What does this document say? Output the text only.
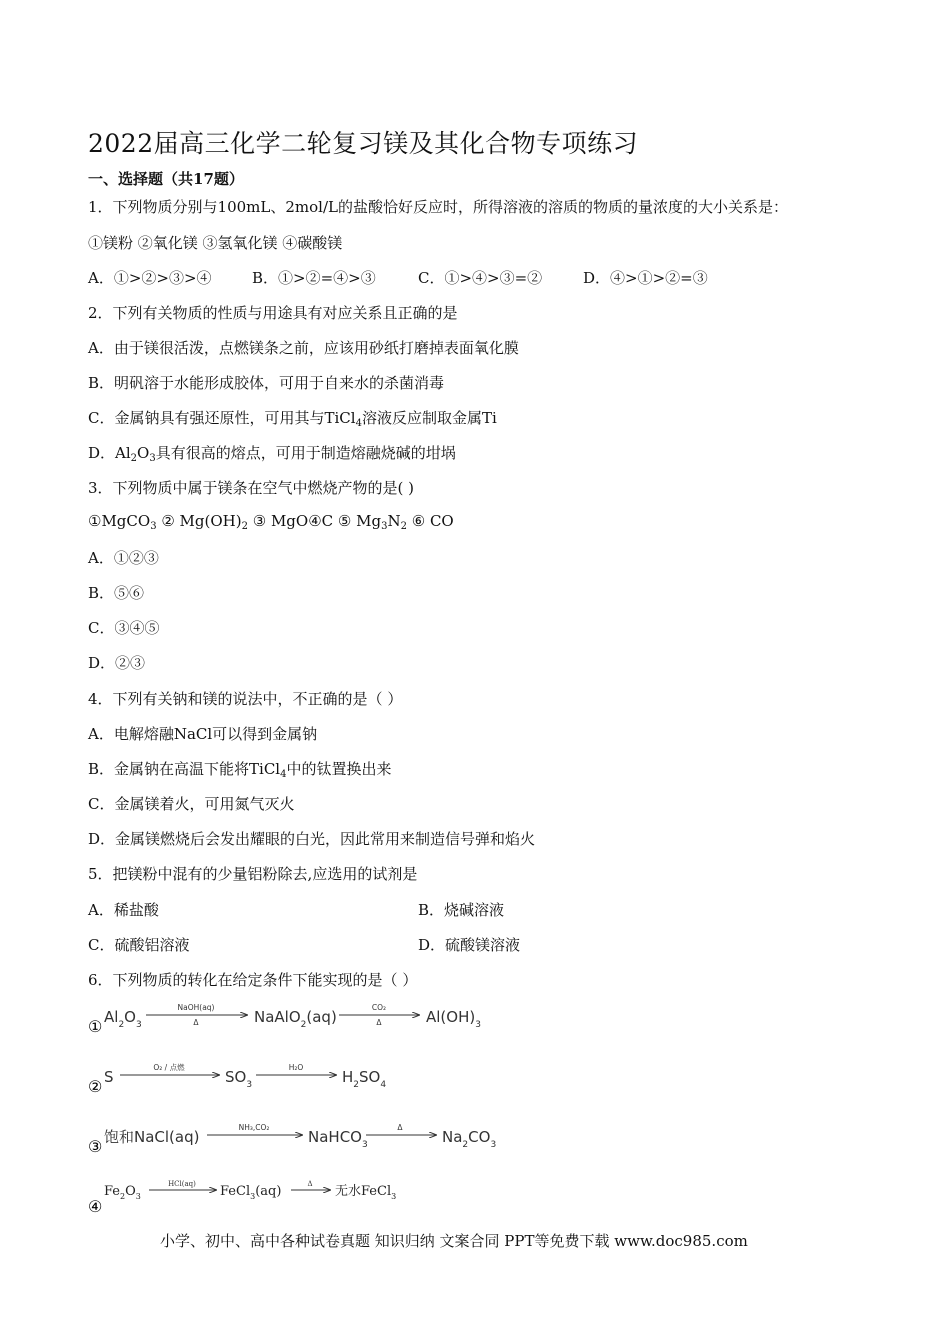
2022届高三化学二轮复习镁及其化合物专项练习
一、选择题（共17题）
1．下列物质分别与100mL、2mol/L的盐酸恰好反应时，所得溶液的溶质的物质的量浓度的大小关系是：
①镁粉 ②氧化镁 ③氢氧化镁 ④碳酸镁
A．①>②>③>④	B．①>②=④>③	C．①>④>③=②	D．④>①>②=③
2．下列有关物质的性质与用途具有对应关系且正确的是
A．由于镁很活泼，点燃镁条之前，应该用砂纸打磨掉表面氧化膜
B．明矾溶于水能形成胶体，可用于自来水的杀菌消毒
C．金属钠具有强还原性，可用其与TiCl$_4$溶液反应制取金属Ti
D．$Al_2O_3$具有很高的熔点，可用于制造熔融烧碱的坩埚
3．下列物质中属于镁条在空气中燃烧产物的是( )
①MgCO$_3$ ② $Mg(OH)_2$ ③ MgO④C ⑤ $Mg_3N_2$ ⑥ CO
A．①②③
B．⑤⑥
C．③④⑤
D．②③
4．下列有关钠和镁的说法中，不正确的是（ ）
A．电解熔融NaCl可以得到金属钠
B．金属钠在高温下能将TiCl$_4$中的钛置换出来
C．金属镁着火，可用氮气灭火
D．金属镁燃烧后会发出耀眼的白光，因此常用来制造信号弹和焰火
5．把镁粉中混有的少量铝粉除去,应选用的试剂是
A．稀盐酸	B．烧碱溶液
C．硫酸铝溶液	D．硫酸镁溶液
6．下列物质的转化在给定条件下能实现的是（ ）
① $Al_2O_3$
NaOH(aq)
Δ	NaAlO$_2$(aq)
CO₂
Δ	$Al(OH)_3$
② S
O₂ / 点燃
$SO_3$
H₂O
$H_2SO_4$
③ 饱和NaCl(aq)
NH₃,CO₂
NaHCO$_3$
Δ
$Na_2CO_3$
④
$Fe_2O_3$
HCl(aq) FeCl$_3$(aq)	Δ 无水FeCl$_3$
小学、初中、高中各种试卷真题 知识归纳 文案合同 PPT等免费下载 www.doc985.com
